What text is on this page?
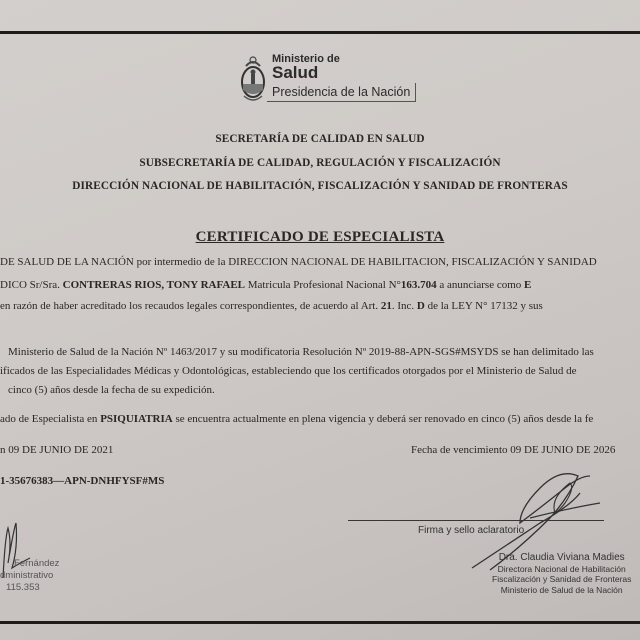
Ministerio de
Salud
Presidencia de la Nación
SECRETARÍA DE CALIDAD EN SALUD
SUBSECRETARÍA DE CALIDAD, REGULACIÓN Y FISCALIZACIÓN
DIRECCIÓN NACIONAL DE HABILITACIÓN, FISCALIZACIÓN Y SANIDAD DE FRONTERAS
CERTIFICADO DE ESPECIALISTA
DE SALUD DE LA NACIÓN por intermedio de la DIRECCION NACIONAL DE HABILITACION, FISCALIZACIÓN Y SANIDAD
DICO Sr/Sra. CONTRERAS RIOS, TONY RAFAEL Matricula Profesional Nacional N°163.704 a anunciarse como E
en razón de haber acreditado los recaudos legales correspondientes, de acuerdo al Art. 21. Inc. D de la LEY N° 17132 y sus
Ministerio de Salud de la Nación Nº 1463/2017 y su modificatoria Resolución Nº 2019-88-APN-SGS#MSYDS se han delimitado las
ificados de las Especialidades Médicas y Odontológicas, estableciendo que los certificados otorgados por el Ministerio de Salud de
cinco (5) años desde la fecha de su expedición.
ado de Especialista en PSIQUIATRIA se encuentra actualmente en plena vigencia y deberá ser renovado en cinco (5) años desde la fe
n 09 DE JUNIO DE 2021	Fecha de vencimiento 09 DE JUNIO DE 2026
1-35676383—APN-DNHFYSF#MS
Firma y sello aclaratorio
Dra. Claudia Viviana Madies
Directora Nacional de Habilitación
Fiscalización y Sanidad de Fronteras
Ministerio de Salud de la Nación
Fernández
dministrativo
115.353
